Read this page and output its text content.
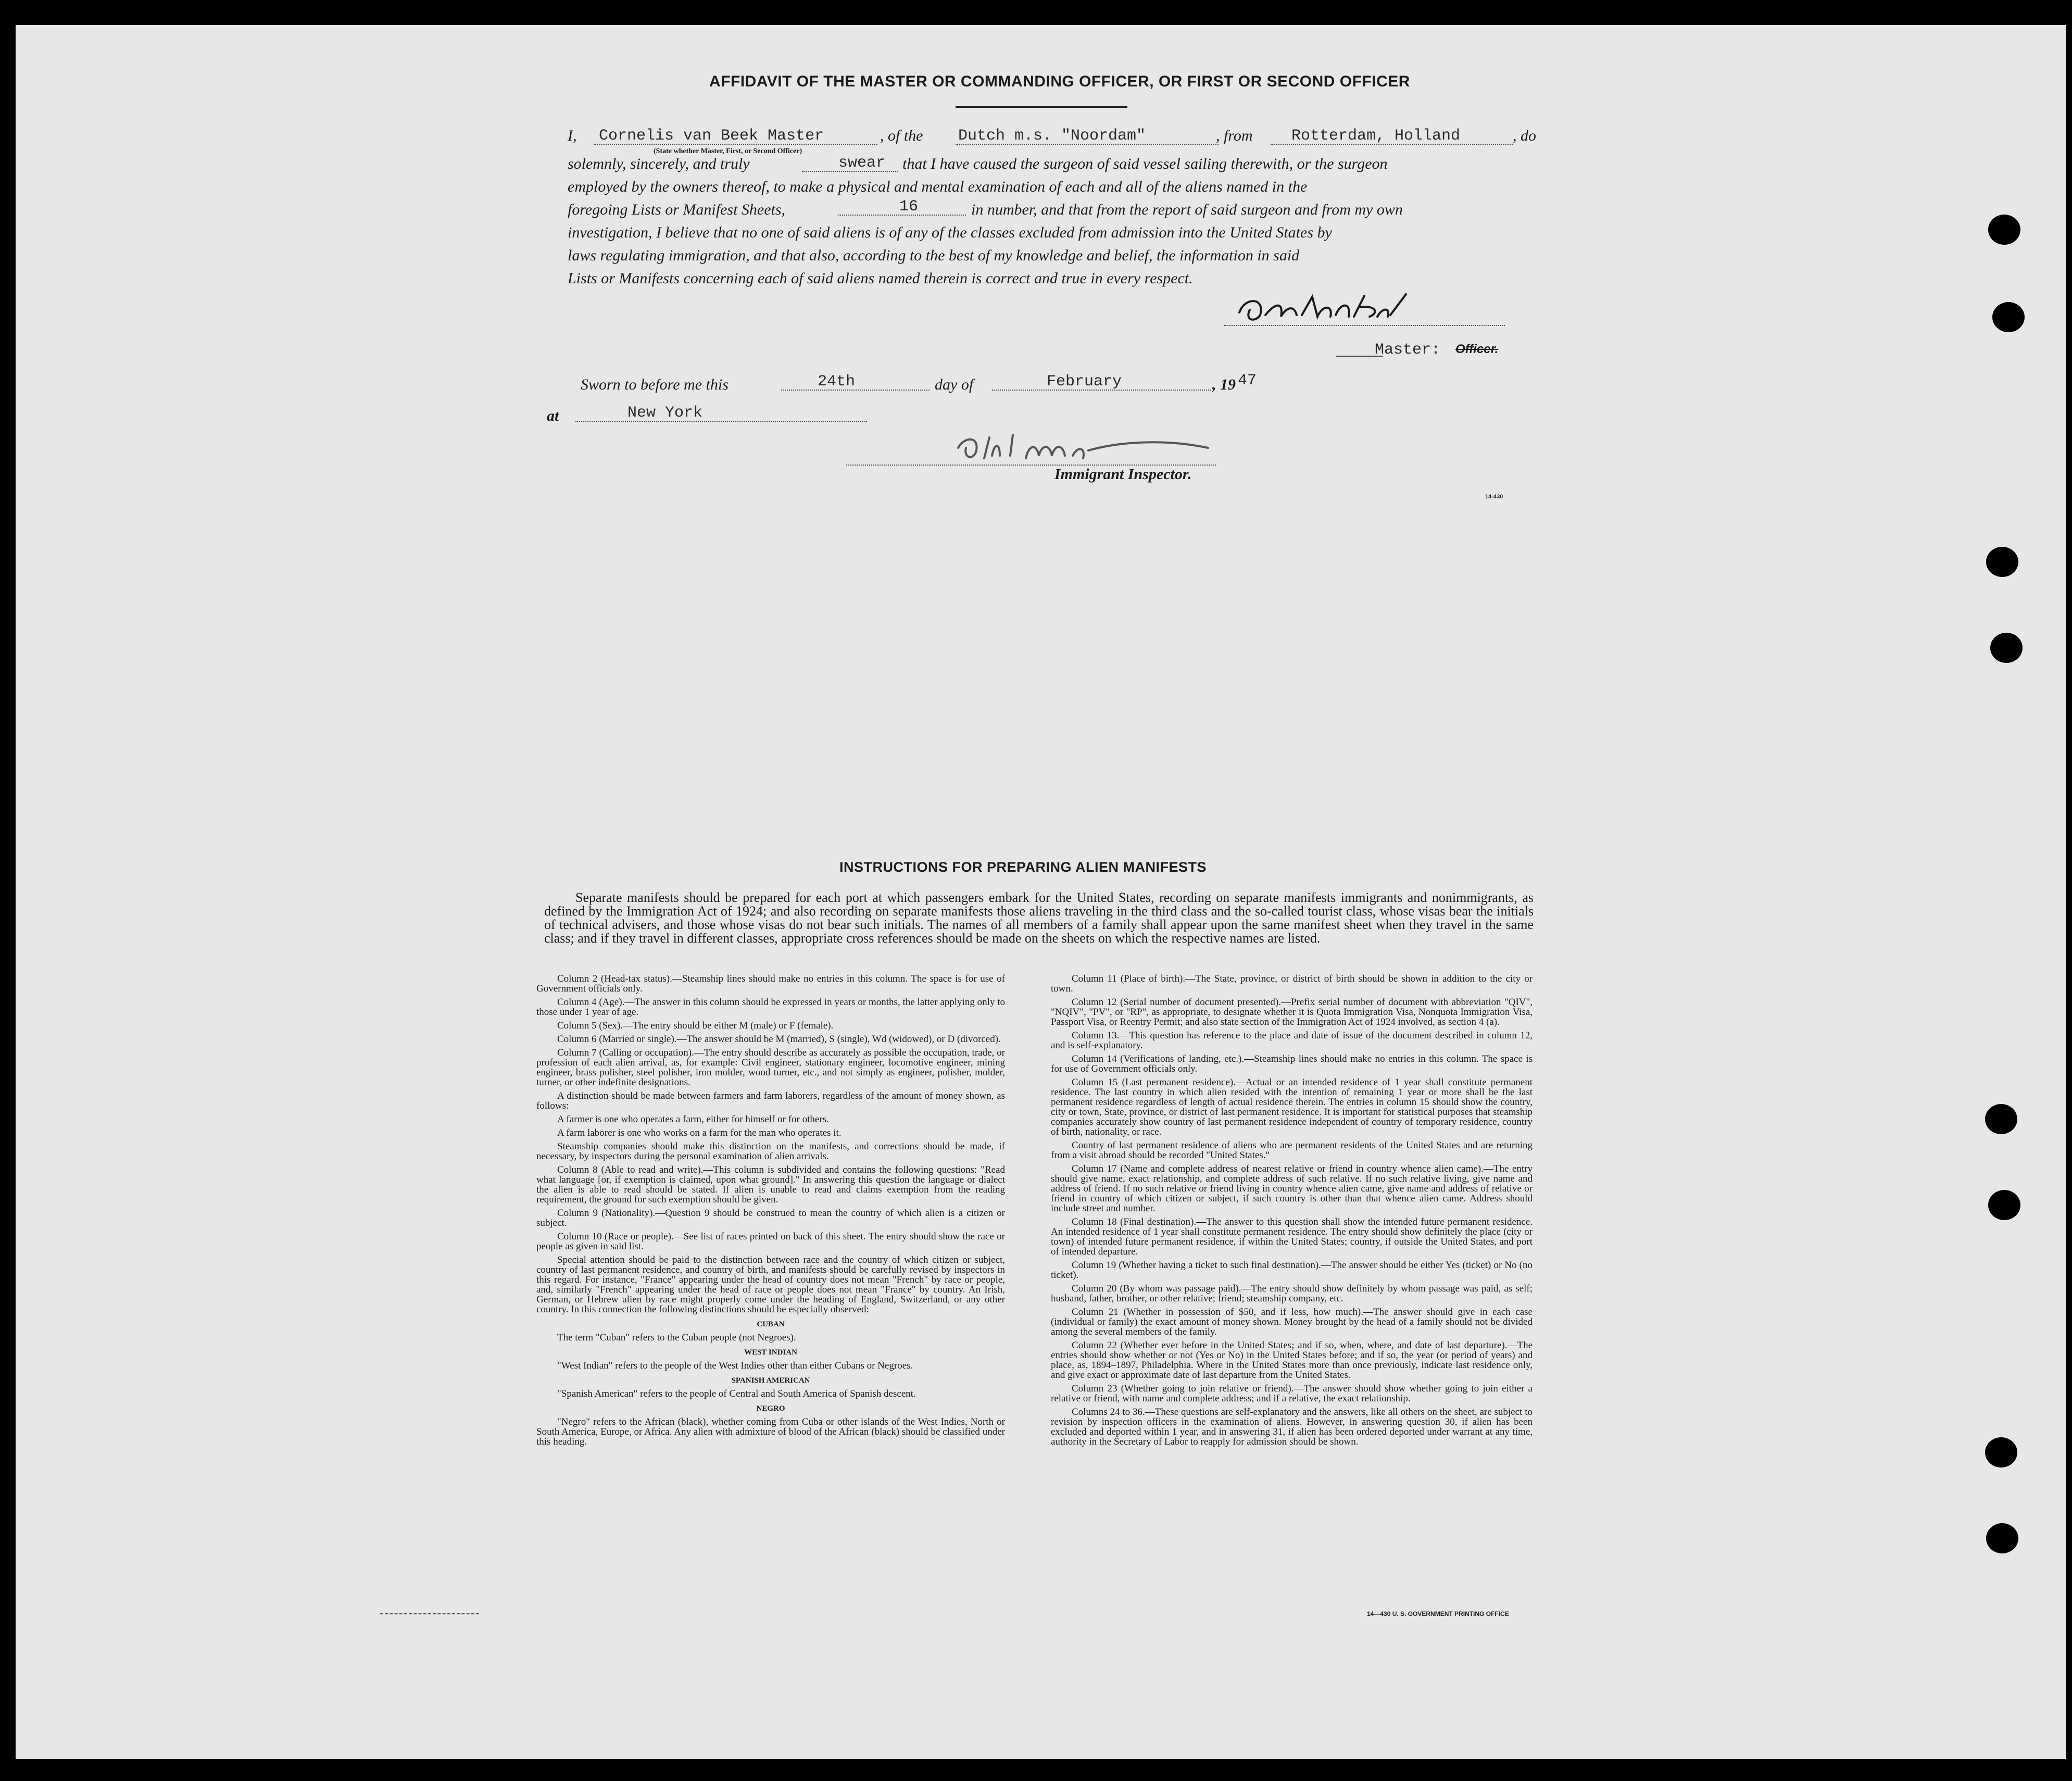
AFFIDAVIT OF THE MASTER OR COMMANDING OFFICER, OR FIRST OR SECOND OFFICER
I, Cornelis van Beek Master	, of the Dutch m.s. "Noordam"	, from Rotterdam, Holland	, do
(State whether Master, First, or Second Officer)
solemnly, sincerely, and truly	swear that I have caused the surgeon of said vessel sailing therewith, or the surgeon
employed by the owners thereof, to make a physical and mental examination of each and all of the aliens named in the
foregoing Lists or Manifest Sheets,	16	in number, and that from the report of said surgeon and from my own
investigation, I believe that no one of said aliens is of any of the classes excluded from admission into the United States by
laws regulating immigration, and that also, according to the best of my knowledge and belief, the information in said
Lists or Manifests concerning each of said aliens named therein is correct and true in every respect.
Master: Officer.
Sworn to before me this	24th	day of	February	, 19 47
at	New York
Immigrant Inspector.
14-430
INSTRUCTIONS FOR PREPARING ALIEN MANIFESTS
Separate manifests should be prepared for each port at which passengers embark for the United States, recording on separate manifests immigrants and nonimmigrants, as defined by the Immigration Act of 1924; and also recording on separate manifests those aliens traveling in the third class and the so-called tourist class, whose visas bear the initials of technical advisers, and those whose visas do not bear such initials. The names of all members of a family shall appear upon the same manifest sheet when they travel in the same class; and if they travel in different classes, appropriate cross references should be made on the sheets on which the respective names are listed.

Column 2 (Head-tax status).—Steamship lines should make no entries in this column. The space is for use of Government officials only.

Column 4 (Age).—The answer in this column should be expressed in years or months, the latter applying only to those under 1 year of age.

Column 5 (Sex).—The entry should be either M (male) or F (female).

Column 6 (Married or single).—The answer should be M (married), S (single), Wd (widowed), or D (divorced).

Column 7 (Calling or occupation).—The entry should describe as accurately as possible the occupation, trade, or profession of each alien arrival, as, for example: Civil engineer, stationary engineer, locomotive engineer, mining engineer, brass polisher, steel polisher, iron molder, wood turner, etc., and not simply as engineer, polisher, molder, turner, or other indefinite designations.

A distinction should be made between farmers and farm laborers, regardless of the amount of money shown, as follows:

A farmer is one who operates a farm, either for himself or for others.

A farm laborer is one who works on a farm for the man who operates it.

Steamship companies should make this distinction on the manifests, and corrections should be made, if necessary, by inspectors during the personal examination of alien arrivals.

Column 8 (Able to read and write).—This column is subdivided and contains the following questions: "Read what language [or, if exemption is claimed, upon what ground]." In answering this question the language or dialect the alien is able to read should be stated. If alien is unable to read and claims exemption from the reading requirement, the ground for such exemption should be given.

Column 9 (Nationality).—Question 9 should be construed to mean the country of which alien is a citizen or subject.

Column 10 (Race or people).—See list of races printed on back of this sheet. The entry should show the race or people as given in said list.

Special attention should be paid to the distinction between race and the country of which citizen or subject, country of last permanent residence, and country of birth, and manifests should be carefully revised by inspectors in this regard. For instance, "France" appearing under the head of country does not mean "French" by race or people, and, similarly "French" appearing under the head of race or people does not mean "France" by country. An Irish, German, or Hebrew alien by race might properly come under the heading of England, Switzerland, or any other country. In this connection the following distinctions should be especially observed:

CUBAN

The term "Cuban" refers to the Cuban people (not Negroes).

WEST INDIAN

"West Indian" refers to the people of the West Indies other than either Cubans or Negroes.

SPANISH AMERICAN

"Spanish American" refers to the people of Central and South America of Spanish descent.

NEGRO

"Negro" refers to the African (black), whether coming from Cuba or other islands of the West Indies, North or South America, Europe, or Africa. Any alien with admixture of blood of the African (black) should be classified under this heading.

Column 11 (Place of birth).—The State, province, or district of birth should be shown in addition to the city or town.

Column 12 (Serial number of document presented).—Prefix serial number of document with abbreviation "QIV", "NQIV", "PV", or "RP", as appropriate, to designate whether it is Quota Immigration Visa, Nonquota Immigration Visa, Passport Visa, or Reentry Permit; and also state section of the Immigration Act of 1924 involved, as section 4 (a).

Column 13.—This question has reference to the place and date of issue of the document described in column 12, and is self-explanatory.

Column 14 (Verifications of landing, etc.).—Steamship lines should make no entries in this column. The space is for use of Government officials only.

Column 15 (Last permanent residence).—Actual or an intended residence of 1 year shall constitute permanent residence. The last country in which alien resided with the intention of remaining 1 year or more shall be the last permanent residence regardless of length of actual residence therein. The entries in column 15 should show the country, city or town, State, province, or district of last permanent residence. It is important for statistical purposes that steamship companies accurately show country of last permanent residence independent of country of temporary residence, country of birth, nationality, or race.

Country of last permanent residence of aliens who are permanent residents of the United States and are returning from a visit abroad should be recorded "United States."

Column 17 (Name and complete address of nearest relative or friend in country whence alien came).—The entry should give name, exact relationship, and complete address of such relative. If no such relative living, give name and address of friend. If no such relative or friend living in country whence alien came, give name and address of relative or friend in country of which citizen or subject, if such country is other than that whence alien came. Address should include street and number.

Column 18 (Final destination).—The answer to this question shall show the intended future permanent residence. An intended residence of 1 year shall constitute permanent residence. The entry should show definitely the place (city or town) of intended future permanent residence, if within the United States; country, if outside the United States, and port of intended departure.

Column 19 (Whether having a ticket to such final destination).—The answer should be either Yes (ticket) or No (no ticket).

Column 20 (By whom was passage paid).—The entry should show definitely by whom passage was paid, as self; husband, father, brother, or other relative; friend; steamship company, etc.

Column 21 (Whether in possession of $50, and if less, how much).—The answer should give in each case (individual or family) the exact amount of money shown. Money brought by the head of a family should not be divided among the several members of the family.

Column 22 (Whether ever before in the United States; and if so, when, where, and date of last departure).—The entries should show whether or not (Yes or No) in the United States before; and if so, the year (or period of years) and place, as, 1894–1897, Philadelphia. Where in the United States more than once previously, indicate last residence only, and give exact or approximate date of last departure from the United States.

Column 23 (Whether going to join relative or friend).—The answer should show whether going to join either a relative or friend, with name and complete address; and if a relative, the exact relationship.

Columns 24 to 36.—These questions are self-explanatory and the answers, like all others on the sheet, are subject to revision by inspection officers in the examination of aliens. However, in answering question 30, if alien has been excluded and deported within 1 year, and in answering 31, if alien has been ordered deported under warrant at any time, authority in the Secretary of Labor to reapply for admission should be shown.

14—430 U. S. GOVERNMENT PRINTING OFFICE
